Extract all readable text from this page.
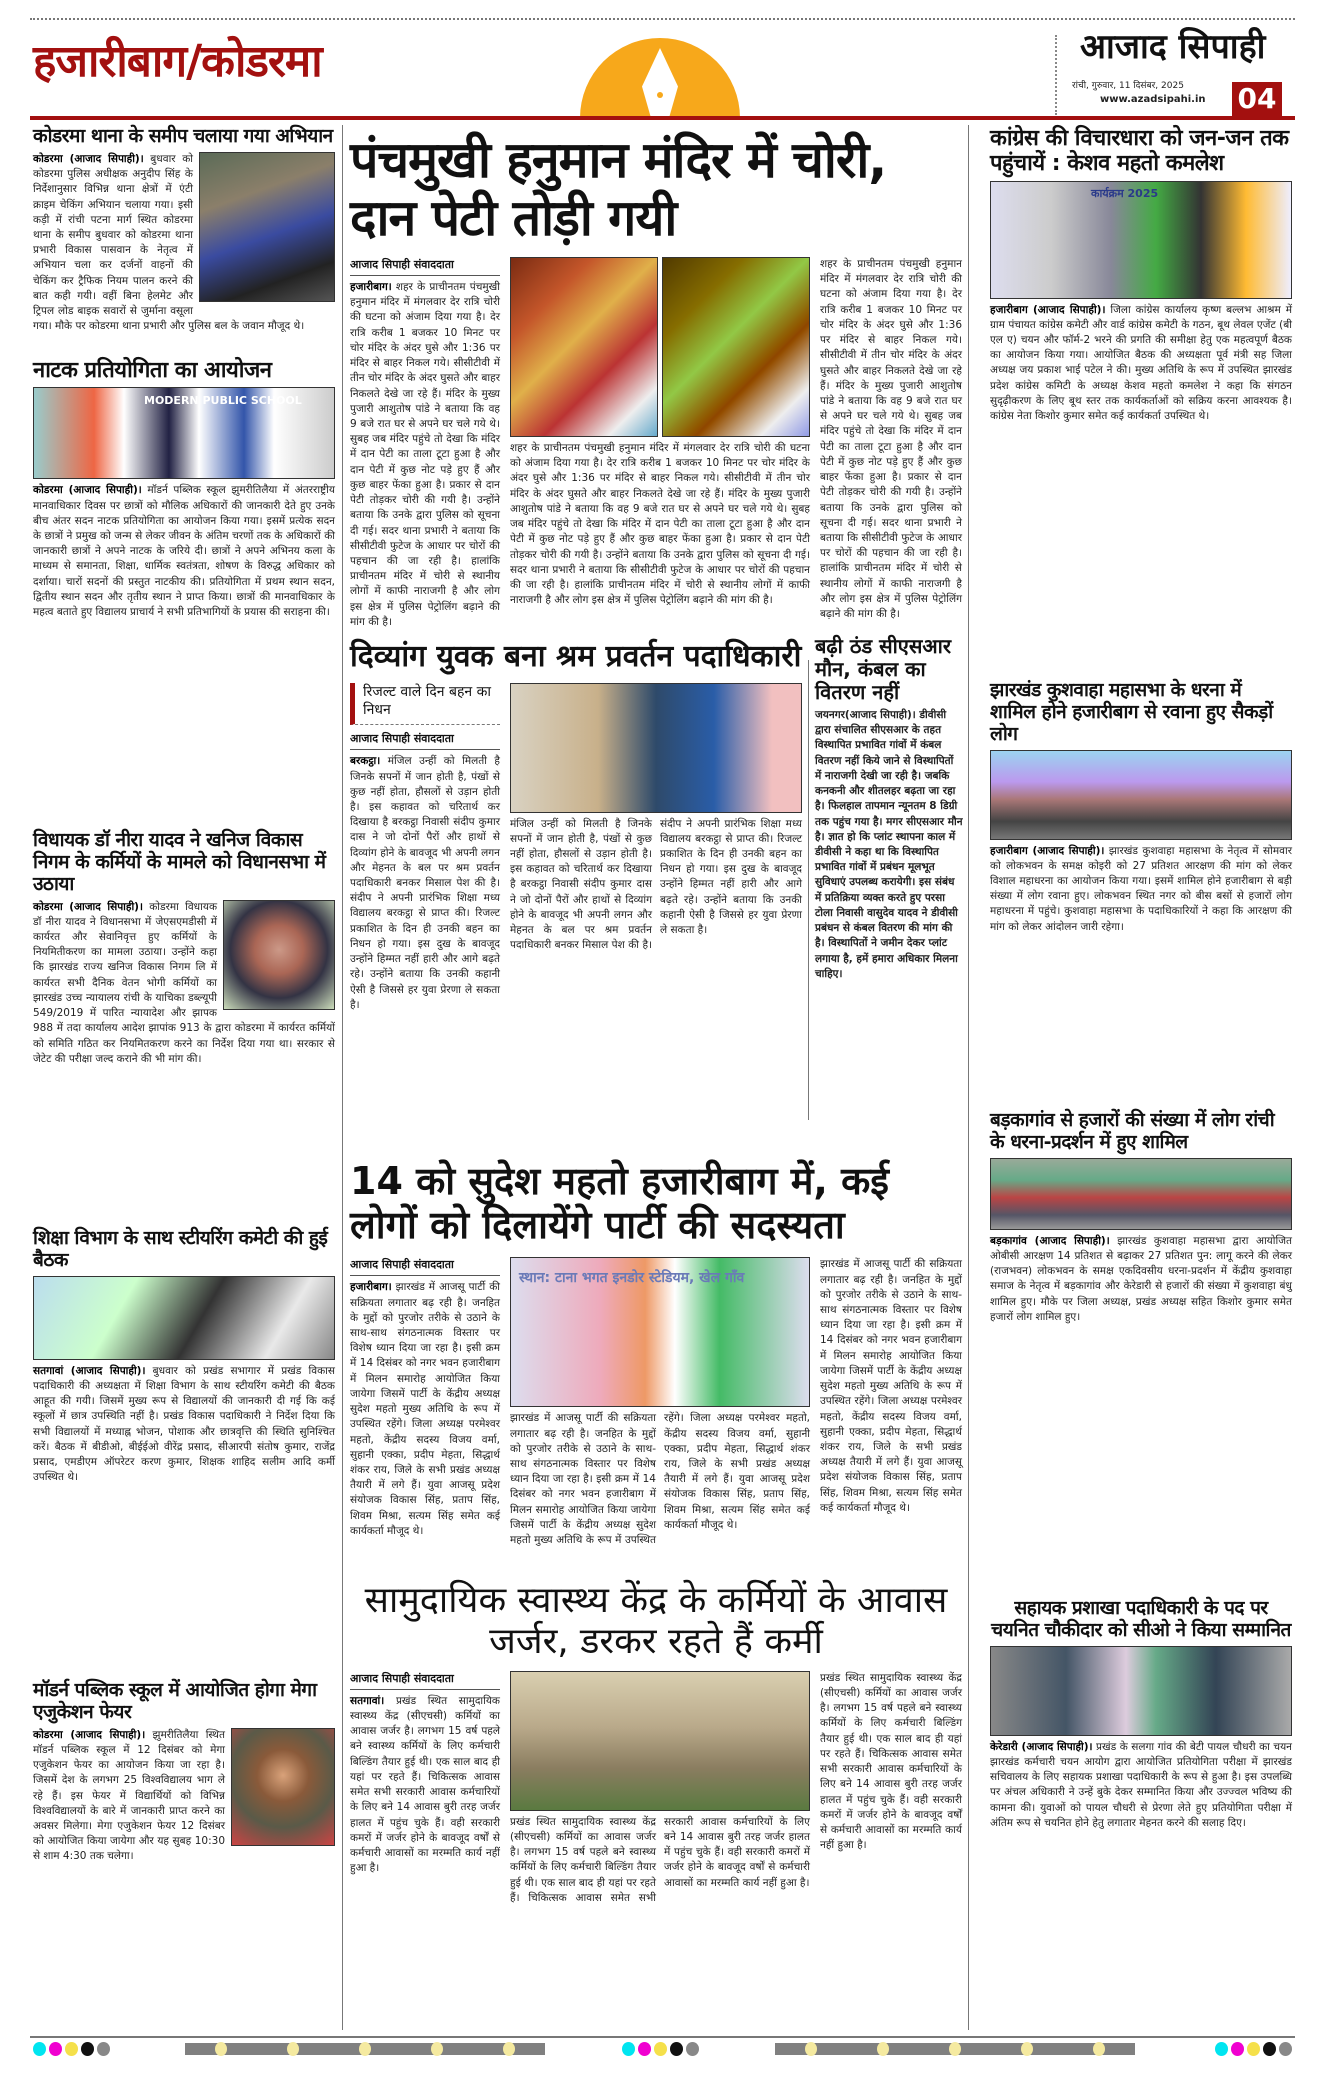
हजारीबाग/कोडरमा	आजाद सिपाही
रांची, गुरुवार, 11 दिसंबर, 2025
www.azadsipahi.in 04
कोडरमा थाना के समीप चलाया गया अभियान
कोडरमा (आजाद सिपाही)। बुधवार को कोडरमा पुलिस अधीक्षक अनुदीप सिंह के निर्देशानुसार विभिन्न थाना क्षेत्रों में एंटी क्राइम चेकिंग अभियान चलाया गया। इसी कड़ी में रांची पटना मार्ग स्थित कोडरमा थाना के समीप बुधवार को कोडरमा थाना प्रभारी विकास पासवान के नेतृत्व में अभियान चला कर दर्जनों वाहनों की चेकिंग कर ट्रैफिक नियम पालन करने की बात कही गयी। वहीं बिना हेलमेट और ट्रिपल लोड बाइक सवारों से जुर्माना वसूला गया। मौके पर कोडरमा थाना प्रभारी और पुलिस बल के जवान मौजूद थे।
नाटक प्रतियोगिता का आयोजन
MODERN PUBLIC SCHOOL
कोडरमा (आजाद सिपाही)। मॉडर्न पब्लिक स्कूल झुमरीतिलैया में अंतरराष्ट्रीय मानवाधिकार दिवस पर छात्रों को मौलिक अधिकारों की जानकारी देते हुए उनके बीच अंतर सदन नाटक प्रतियोगिता का आयोजन किया गया। इसमें प्रत्येक सदन के छात्रों ने प्रमुख को जन्म से लेकर जीवन के अंतिम चरणों तक के अधिकारों की जानकारी छात्रों ने अपने नाटक के जरिये दी। छात्रों ने अपने अभिनय कला के माध्यम से समानता, शिक्षा, धार्मिक स्वतंत्रता, शोषण के विरुद्ध अधिकार को दर्शाया। चारों सदनों की प्रस्तुत नाटकीय की। प्रतियोगिता में प्रथम स्थान सदन, द्वितीय स्थान सदन और तृतीय स्थान ने प्राप्त किया। छात्रों की मानवाधिकार के महत्व बताते हुए विद्यालय प्राचार्य ने सभी प्रतिभागियों के प्रयास की सराहना की।
विधायक डॉ नीरा यादव ने खनिज विकास निगम के कर्मियों के मामले को विधानसभा में उठाया
कोडरमा (आजाद सिपाही)। कोडरमा विधायक डॉ नीरा यादव ने विधानसभा में जेएसएमडीसी में कार्यरत और सेवानिवृत्त हुए कर्मियों के नियमितीकरण का मामला उठाया। उन्होंने कहा कि झारखंड राज्य खनिज विकास निगम लि में कार्यरत सभी दैनिक वेतन भोगी कर्मियों का झारखंड उच्च न्यायालय रांची के याचिका डब्ल्यूपी 549/2019 में पारित न्यायादेश और झापक 988 में तदा कार्यालय आदेश झापांक 913 के द्वारा कोडरमा में कार्यरत कर्मियों को समिति गठित कर नियमितकरण करने का निर्देश दिया गया था। सरकार से जेटेट की परीक्षा जल्द कराने की भी मांग की।
शिक्षा विभाग के साथ स्टीयरिंग कमेटी की हुई बैठक
सतगावां (आजाद सिपाही)। बुधवार को प्रखंड सभागार में प्रखंड विकास पदाधिकारी की अध्यक्षता में शिक्षा विभाग के साथ स्टीयरिंग कमेटी की बैठक आहूत की गयी। जिसमें मुख्य रूप से विद्यालयों की जानकारी दी गई कि कई स्कूलों में छात्र उपस्थिति नहीं है। प्रखंड विकास पदाधिकारी ने निर्देश दिया कि सभी विद्यालयों में मध्याह्न भोजन, पोशाक और छात्रवृत्ति की स्थिति सुनिश्चित करें। बैठक में बीडीओ, बीईईओ वीरेंद्र प्रसाद, सीआरपी संतोष कुमार, राजेंद्र प्रसाद, एमडीएम ऑपरेटर करण कुमार, शिक्षक शाहिद सलीम आदि कर्मी उपस्थित थे।
मॉडर्न पब्लिक स्कूल में आयोजित होगा मेगा एजुकेशन फेयर
कोडरमा (आजाद सिपाही)। झुमरीतिलैया स्थित मॉडर्न पब्लिक स्कूल में 12 दिसंबर को मेगा एजुकेशन फेयर का आयोजन किया जा रहा है। जिसमें देश के लगभग 25 विश्वविद्यालय भाग ले रहे हैं। इस फेयर में विद्यार्थियों को विभिन्न विश्वविद्यालयों के बारे में जानकारी प्राप्त करने का अवसर मिलेगा। मेगा एजुकेशन फेयर 12 दिसंबर को आयोजित किया जायेगा और यह सुबह 10:30 से शाम 4:30 तक चलेगा।
पंचमुखी हनुमान मंदिर में चोरी, दान पेटी तोड़ी गयी
आजाद सिपाही संवाददाता
हजारीबाग। शहर के प्राचीनतम पंचमुखी हनुमान मंदिर में मंगलवार देर रात्रि चोरी की घटना को अंजाम दिया गया है। देर रात्रि करीब 1 बजकर 10 मिनट पर चोर मंदिर के अंदर घुसे और 1:36 पर मंदिर से बाहर निकल गये। सीसीटीवी में तीन चोर मंदिर के अंदर घुसते और बाहर निकलते देखे जा रहे हैं। मंदिर के मुख्य पुजारी आशुतोष पांडे ने बताया कि वह 9 बजे रात घर से अपने घर चले गये थे। सुबह जब मंदिर पहुंचे तो देखा कि मंदिर में दान पेटी का ताला टूटा हुआ है और दान पेटी में कुछ नोट पड़े हुए हैं और कुछ बाहर फेंका हुआ है। प्रकार से दान पेटी तोड़कर चोरी की गयी है। उन्होंने बताया कि उनके द्वारा पुलिस को सूचना दी गई। सदर थाना प्रभारी ने बताया कि सीसीटीवी फुटेज के आधार पर चोरों की पहचान की जा रही है। हालांकि प्राचीनतम मंदिर में चोरी से स्थानीय लोगों में काफी नाराजगी है और लोग इस क्षेत्र में पुलिस पेट्रोलिंग बढ़ाने की मांग की है।
शहर के प्राचीनतम पंचमुखी हनुमान मंदिर में मंगलवार देर रात्रि चोरी की घटना को अंजाम दिया गया है। देर रात्रि करीब 1 बजकर 10 मिनट पर चोर मंदिर के अंदर घुसे और 1:36 पर मंदिर से बाहर निकल गये। सीसीटीवी में तीन चोर मंदिर के अंदर घुसते और बाहर निकलते देखे जा रहे हैं। मंदिर के मुख्य पुजारी आशुतोष पांडे ने बताया कि वह 9 बजे रात घर से अपने घर चले गये थे। सुबह जब मंदिर पहुंचे तो देखा कि मंदिर में दान पेटी का ताला टूटा हुआ है और दान पेटी में कुछ नोट पड़े हुए हैं और कुछ बाहर फेंका हुआ है। प्रकार से दान पेटी तोड़कर चोरी की गयी है। उन्होंने बताया कि उनके द्वारा पुलिस को सूचना दी गई। सदर थाना प्रभारी ने बताया कि सीसीटीवी फुटेज के आधार पर चोरों की पहचान की जा रही है। हालांकि प्राचीनतम मंदिर में चोरी से स्थानीय लोगों में काफी नाराजगी है और लोग इस क्षेत्र में पुलिस पेट्रोलिंग बढ़ाने की मांग की है।
शहर के प्राचीनतम पंचमुखी हनुमान मंदिर में मंगलवार देर रात्रि चोरी की घटना को अंजाम दिया गया है। देर रात्रि करीब 1 बजकर 10 मिनट पर चोर मंदिर के अंदर घुसे और 1:36 पर मंदिर से बाहर निकल गये। सीसीटीवी में तीन चोर मंदिर के अंदर घुसते और बाहर निकलते देखे जा रहे हैं। मंदिर के मुख्य पुजारी आशुतोष पांडे ने बताया कि वह 9 बजे रात घर से अपने घर चले गये थे। सुबह जब मंदिर पहुंचे तो देखा कि मंदिर में दान पेटी का ताला टूटा हुआ है और दान पेटी में कुछ नोट पड़े हुए हैं और कुछ बाहर फेंका हुआ है। प्रकार से दान पेटी तोड़कर चोरी की गयी है। उन्होंने बताया कि उनके द्वारा पुलिस को सूचना दी गई। सदर थाना प्रभारी ने बताया कि सीसीटीवी फुटेज के आधार पर चोरों की पहचान की जा रही है। हालांकि प्राचीनतम मंदिर में चोरी से स्थानीय लोगों में काफी नाराजगी है और लोग इस क्षेत्र में पुलिस पेट्रोलिंग बढ़ाने की मांग की है।
दिव्यांग युवक बना श्रम प्रवर्तन पदाधिकारी
रिजल्ट वाले दिन बहन का निधन
आजाद सिपाही संवाददाता
बरकट्ठा। मंजिल उन्हीं को मिलती है जिनके सपनों में जान होती है, पंखों से कुछ नहीं होता, हौसलों से उड़ान होती है। इस कहावत को चरितार्थ कर दिखाया है बरकट्ठा निवासी संदीप कुमार दास ने जो दोनों पैरों और हाथों से दिव्यांग होने के बावजूद भी अपनी लगन और मेहनत के बल पर श्रम प्रवर्तन पदाधिकारी बनकर मिसाल पेश की है। संदीप ने अपनी प्रारंभिक शिक्षा मध्य विद्यालय बरकट्ठा से प्राप्त की। रिजल्ट प्रकाशित के दिन ही उनकी बहन का निधन हो गया। इस दुख के बावजूद उन्होंने हिम्मत नहीं हारी और आगे बढ़ते रहे। उन्होंने बताया कि उनकी कहानी ऐसी है जिससे हर युवा प्रेरणा ले सकता है।
मंजिल उन्हीं को मिलती है जिनके सपनों में जान होती है, पंखों से कुछ नहीं होता, हौसलों से उड़ान होती है। इस कहावत को चरितार्थ कर दिखाया है बरकट्ठा निवासी संदीप कुमार दास ने जो दोनों पैरों और हाथों से दिव्यांग होने के बावजूद भी अपनी लगन और मेहनत के बल पर श्रम प्रवर्तन पदाधिकारी बनकर मिसाल पेश की है। संदीप ने अपनी प्रारंभिक शिक्षा मध्य विद्यालय बरकट्ठा से प्राप्त की। रिजल्ट प्रकाशित के दिन ही उनकी बहन का निधन हो गया। इस दुख के बावजूद उन्होंने हिम्मत नहीं हारी और आगे बढ़ते रहे। उन्होंने बताया कि उनकी कहानी ऐसी है जिससे हर युवा प्रेरणा ले सकता है।
बढ़ी ठंड सीएसआर मौन, कंबल का वितरण नहीं
जयनगर(आजाद सिपाही)। डीवीसी द्वारा संचालित सीएसआर के तहत विस्थापित प्रभावित गांवों में कंबल वितरण नहीं किये जाने से विस्थापितों में नाराजगी देखी जा रही है। जबकि कनकनी और शीतलहर बढ़ता जा रहा है। फिलहाल तापमान न्यूनतम 8 डिग्री तक पहुंच गया है। मगर सीएसआर मौन है। ज्ञात हो कि प्लांट स्थापना काल में डीवीसी ने कहा था कि विस्थापित प्रभावित गांवों में प्रबंधन मूलभूत सुविधाएं उपलब्ध करायेगी। इस संबंध में प्रतिक्रिया व्यक्त करते हुए परसा टोला निवासी वासुदेव यादव ने डीवीसी प्रबंधन से कंबल वितरण की मांग की है। विस्थापितों ने जमीन देकर प्लांट लगाया है, हमें हमारा अधिकार मिलना चाहिए।
14 को सुदेश महतो हजारीबाग में, कई लोगों को दिलायेंगे पार्टी की सदस्यता
आजाद सिपाही संवाददाता
हजारीबाग। झारखंड में आजसू पार्टी की सक्रियता लगातार बढ़ रही है। जनहित के मुद्दों को पुरजोर तरीके से उठाने के साथ-साथ संगठनात्मक विस्तार पर विशेष ध्यान दिया जा रहा है। इसी क्रम में 14 दिसंबर को नगर भवन हजारीबाग में मिलन समारोह आयोजित किया जायेगा जिसमें पार्टी के केंद्रीय अध्यक्ष सुदेश महतो मुख्य अतिथि के रूप में उपस्थित रहेंगे। जिला अध्यक्ष परमेश्वर महतो, केंद्रीय सदस्य विजय वर्मा, सुहानी एक्का, प्रदीप मेहता, सिद्धार्थ शंकर राय, जिले के सभी प्रखंड अध्यक्ष तैयारी में लगे हैं। युवा आजसू प्रदेश संयोजक विकास सिंह, प्रताप सिंह, शिवम मिश्रा, सत्यम सिंह समेत कई कार्यकर्ता मौजूद थे।
स्थान: टाना भगत इनडोर स्टेडियम, खेल गाँव
झारखंड में आजसू पार्टी की सक्रियता लगातार बढ़ रही है। जनहित के मुद्दों को पुरजोर तरीके से उठाने के साथ-साथ संगठनात्मक विस्तार पर विशेष ध्यान दिया जा रहा है। इसी क्रम में 14 दिसंबर को नगर भवन हजारीबाग में मिलन समारोह आयोजित किया जायेगा जिसमें पार्टी के केंद्रीय अध्यक्ष सुदेश महतो मुख्य अतिथि के रूप में उपस्थित रहेंगे। जिला अध्यक्ष परमेश्वर महतो, केंद्रीय सदस्य विजय वर्मा, सुहानी एक्का, प्रदीप मेहता, सिद्धार्थ शंकर राय, जिले के सभी प्रखंड अध्यक्ष तैयारी में लगे हैं। युवा आजसू प्रदेश संयोजक विकास सिंह, प्रताप सिंह, शिवम मिश्रा, सत्यम सिंह समेत कई कार्यकर्ता मौजूद थे।
झारखंड में आजसू पार्टी की सक्रियता लगातार बढ़ रही है। जनहित के मुद्दों को पुरजोर तरीके से उठाने के साथ-साथ संगठनात्मक विस्तार पर विशेष ध्यान दिया जा रहा है। इसी क्रम में 14 दिसंबर को नगर भवन हजारीबाग में मिलन समारोह आयोजित किया जायेगा जिसमें पार्टी के केंद्रीय अध्यक्ष सुदेश महतो मुख्य अतिथि के रूप में उपस्थित रहेंगे। जिला अध्यक्ष परमेश्वर महतो, केंद्रीय सदस्य विजय वर्मा, सुहानी एक्का, प्रदीप मेहता, सिद्धार्थ शंकर राय, जिले के सभी प्रखंड अध्यक्ष तैयारी में लगे हैं। युवा आजसू प्रदेश संयोजक विकास सिंह, प्रताप सिंह, शिवम मिश्रा, सत्यम सिंह समेत कई कार्यकर्ता मौजूद थे।
सामुदायिक स्वास्थ्य केंद्र के कर्मियों के आवास जर्जर, डरकर रहते हैं कर्मी
आजाद सिपाही संवाददाता
सतगावां। प्रखंड स्थित सामुदायिक स्वास्थ्य केंद्र (सीएचसी) कर्मियों का आवास जर्जर है। लगभग 15 वर्ष पहले बने स्वास्थ्य कर्मियों के लिए कर्मचारी बिल्डिंग तैयार हुई थी। एक साल बाद ही यहां पर रहते हैं। चिकित्सक आवास समेत सभी सरकारी आवास कर्मचारियों के लिए बने 14 आवास बुरी तरह जर्जर हालत में पहुंच चुके हैं। वही सरकारी कमरों में जर्जर होने के बावजूद वर्षों से कर्मचारी आवासों का मरम्मति कार्य नहीं हुआ है।
प्रखंड स्थित सामुदायिक स्वास्थ्य केंद्र (सीएचसी) कर्मियों का आवास जर्जर है। लगभग 15 वर्ष पहले बने स्वास्थ्य कर्मियों के लिए कर्मचारी बिल्डिंग तैयार हुई थी। एक साल बाद ही यहां पर रहते हैं। चिकित्सक आवास समेत सभी सरकारी आवास कर्मचारियों के लिए बने 14 आवास बुरी तरह जर्जर हालत में पहुंच चुके हैं। वही सरकारी कमरों में जर्जर होने के बावजूद वर्षों से कर्मचारी आवासों का मरम्मति कार्य नहीं हुआ है।
प्रखंड स्थित सामुदायिक स्वास्थ्य केंद्र (सीएचसी) कर्मियों का आवास जर्जर है। लगभग 15 वर्ष पहले बने स्वास्थ्य कर्मियों के लिए कर्मचारी बिल्डिंग तैयार हुई थी। एक साल बाद ही यहां पर रहते हैं। चिकित्सक आवास समेत सभी सरकारी आवास कर्मचारियों के लिए बने 14 आवास बुरी तरह जर्जर हालत में पहुंच चुके हैं। वही सरकारी कमरों में जर्जर होने के बावजूद वर्षों से कर्मचारी आवासों का मरम्मति कार्य नहीं हुआ है।
कांग्रेस की विचारधारा को जन-जन तक पहुंचायें : केशव महतो कमलेश
कार्यक्रम 2025
हजारीबाग (आजाद सिपाही)। जिला कांग्रेस कार्यालय कृष्ण बल्लभ आश्रम में ग्राम पंचायत कांग्रेस कमेटी और वार्ड कांग्रेस कमेटी के गठन, बूथ लेवल एजेंट (बी एल ए) चयन और फॉर्म-2 भरने की प्रगति की समीक्षा हेतु एक महत्वपूर्ण बैठक का आयोजन किया गया। आयोजित बैठक की अध्यक्षता पूर्व मंत्री सह जिला अध्यक्ष जय प्रकाश भाई पटेल ने की। मुख्य अतिथि के रूप में उपस्थित झारखंड प्रदेश कांग्रेस कमिटी के अध्यक्ष केशव महतो कमलेश ने कहा कि संगठन सुदृढ़ीकरण के लिए बूथ स्तर तक कार्यकर्ताओं को सक्रिय करना आवश्यक है। कांग्रेस नेता किशोर कुमार समेत कई कार्यकर्ता उपस्थित थे।
झारखंड कुशवाहा महासभा के धरना में शामिल होने हजारीबाग से रवाना हुए सैकड़ों लोग
हजारीबाग (आजाद सिपाही)। झारखंड कुशवाहा महासभा के नेतृत्व में सोमवार को लोकभवन के समक्ष कोइरी को 27 प्रतिशत आरक्षण की मांग को लेकर विशाल महाधरना का आयोजन किया गया। इसमें शामिल होने हजारीबाग से बड़ी संख्या में लोग रवाना हुए। लोकभवन स्थित नगर को बीस बसों से हजारों लोग महाधरना में पहुंचे। कुशवाहा महासभा के पदाधिकारियों ने कहा कि आरक्षण की मांग को लेकर आंदोलन जारी रहेगा।
बड़कागांव से हजारों की संख्या में लोग रांची के धरना-प्रदर्शन में हुए शामिल
बड़कागांव (आजाद सिपाही)। झारखंड कुशवाहा महासभा द्वारा आयोजित ओबीसी आरक्षण 14 प्रतिशत से बढ़ाकर 27 प्रतिशत पुन: लागू करने की लेकर (राजभवन) लोकभवन के समक्ष एकदिवसीय धरना-प्रदर्शन में केंद्रीय कुशवाहा समाज के नेतृत्व में बड़कागांव और केरेडारी से हजारों की संख्या में कुशवाहा बंधु शामिल हुए। मौके पर जिला अध्यक्ष, प्रखंड अध्यक्ष सहित किशोर कुमार समेत हजारों लोग शामिल हुए।
सहायक प्रशाखा पदाधिकारी के पद पर चयनित चौकीदार को सीओ ने किया सम्मानित
केरेडारी (आजाद सिपाही)। प्रखंड के सलगा गांव की बेटी पायल चौधरी का चयन झारखंड कर्मचारी चयन आयोग द्वारा आयोजित प्रतियोगिता परीक्षा में झारखंड सचिवालय के लिए सहायक प्रशाखा पदाधिकारी के रूप से हुआ है। इस उपलब्धि पर अंचल अधिकारी ने उन्हें बुके देकर सम्मानित किया और उज्ज्वल भविष्य की कामना की। युवाओं को पायल चौधरी से प्रेरणा लेते हुए प्रतियोगिता परीक्षा में अंतिम रूप से चयनित होने हेतु लगातार मेहनत करने की सलाह दिए।
